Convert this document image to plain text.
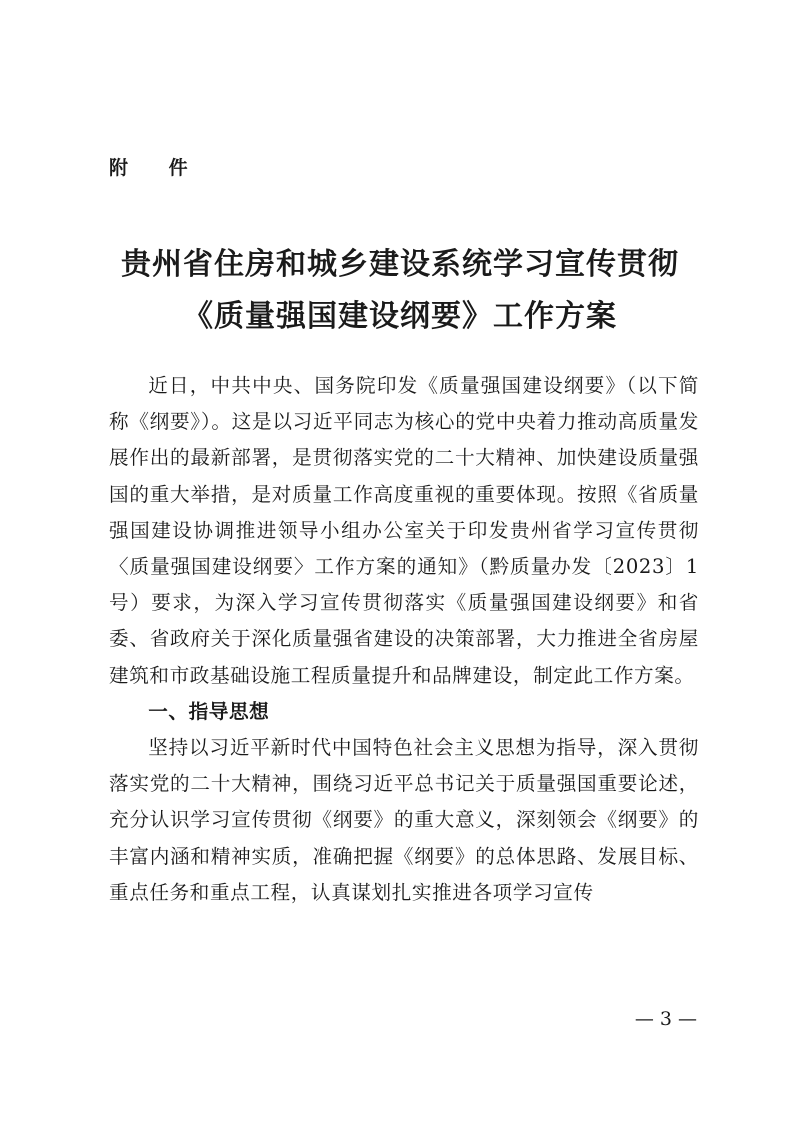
附 件
贵州省住房和城乡建设系统学习宣传贯彻
《质量强国建设纲要》工作方案

近日，中共中央、国务院印发《质量强国建设纲要》（以下简称《纲要》）。这是以习近平同志为核心的党中央着力推动高质量发展作出的最新部署，是贯彻落实党的二十大精神、加快建设质量强国的重大举措，是对质量工作高度重视的重要体现。按照《省质量强国建设协调推进领导小组办公室关于印发贵州省学习宣传贯彻〈质量强国建设纲要〉工作方案的通知》（黔质量办发〔2023〕1号）要求，为深入学习宣传贯彻落实《质量强国建设纲要》和省委、省政府关于深化质量强省建设的决策部署，大力推进全省房屋建筑和市政基础设施工程质量提升和品牌建设，制定此工作方案。

一、指导思想

坚持以习近平新时代中国特色社会主义思想为指导，深入贯彻落实党的二十大精神，围绕习近平总书记关于质量强国重要论述，充分认识学习宣传贯彻《纲要》的重大意义，深刻领会《纲要》的丰富内涵和精神实质，准确把握《纲要》的总体思路、发展目标、重点任务和重点工程，认真谋划扎实推进各项学习宣传

— 3 —
